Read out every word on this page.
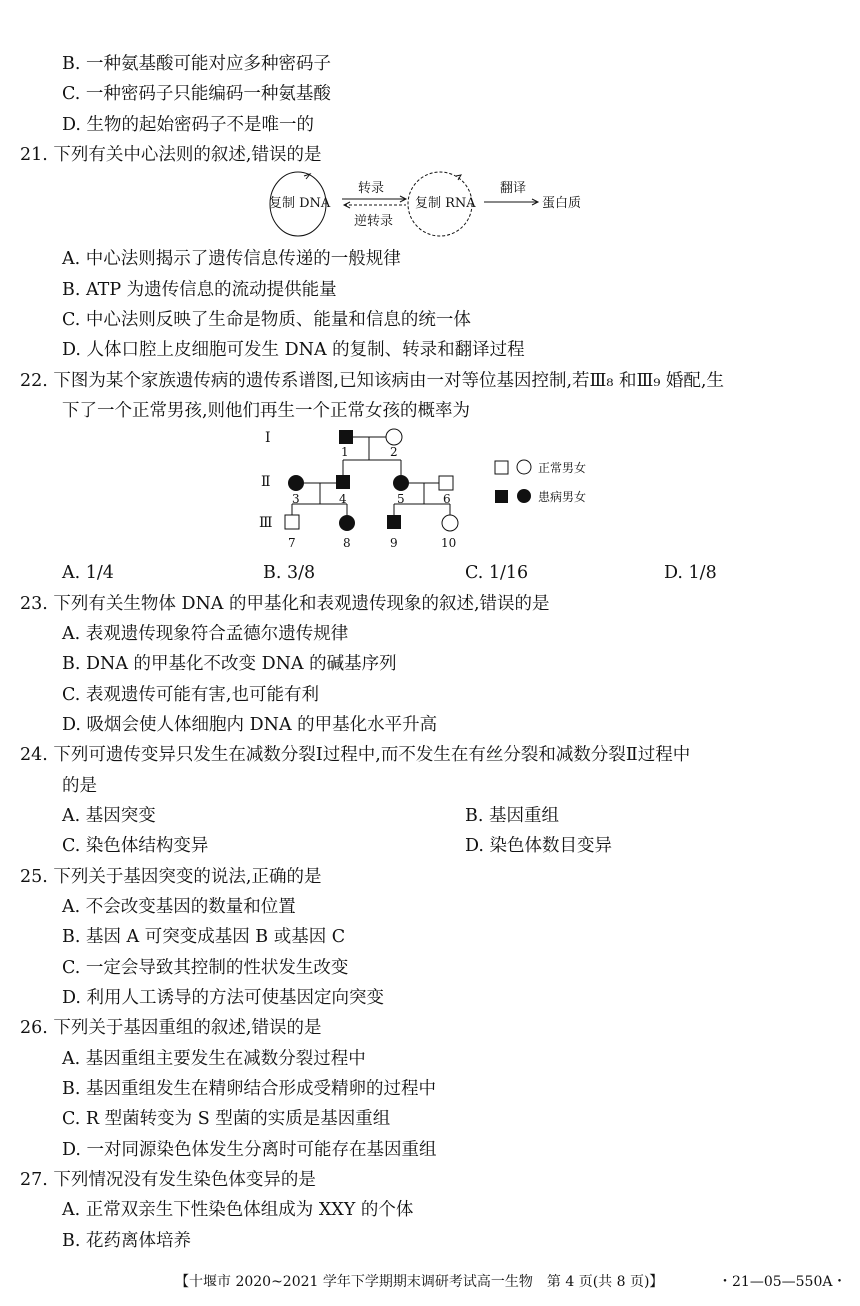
B. 一种氨基酸可能对应多种密码子
C. 一种密码子只能编码一种氨基酸
D. 生物的起始密码子不是唯一的
21. 下列有关中心法则的叙述,错误的是
复制 DNA	复制 RNA
转录
逆转录
翻译
蛋白质
A. 中心法则揭示了遗传信息传递的一般规律
B. ATP 为遗传信息的流动提供能量
C. 中心法则反映了生命是物质、能量和信息的统一体
D. 人体口腔上皮细胞可发生 DNA 的复制、转录和翻译过程
22. 下图为某个家族遗传病的遗传系谱图,已知该病由一对等位基因控制,若Ⅲ₈ 和Ⅲ₉ 婚配,生
下了一个正常男孩,则他们再生一个正常女孩的概率为
Ⅰ
Ⅱ
Ⅲ
1	2
3	4	5	6
7	8	9	10
正常男女
患病男女
A. 1/4	B. 3/8	C. 1/16	D. 1/8
23. 下列有关生物体 DNA 的甲基化和表观遗传现象的叙述,错误的是
A. 表观遗传现象符合孟德尔遗传规律
B. DNA 的甲基化不改变 DNA 的碱基序列
C. 表观遗传可能有害,也可能有利
D. 吸烟会使人体细胞内 DNA 的甲基化水平升高
24. 下列可遗传变异只发生在减数分裂Ⅰ过程中,而不发生在有丝分裂和减数分裂Ⅱ过程中
的是
A. 基因突变	B. 基因重组
C. 染色体结构变异	D. 染色体数目变异
25. 下列关于基因突变的说法,正确的是
A. 不会改变基因的数量和位置
B. 基因 A 可突变成基因 B 或基因 C
C. 一定会导致其控制的性状发生改变
D. 利用人工诱导的方法可使基因定向突变
26. 下列关于基因重组的叙述,错误的是
A. 基因重组主要发生在减数分裂过程中
B. 基因重组发生在精卵结合形成受精卵的过程中
C. R 型菌转变为 S 型菌的实质是基因重组
D. 一对同源染色体发生分离时可能存在基因重组
27. 下列情况没有发生染色体变异的是
A. 正常双亲生下性染色体组成为 XXY 的个体
B. 花药离体培养
【十堰市 2020~2021 学年下学期期末调研考试高一生物　第 4 页(共 8 页)】	・21—05—550A・
